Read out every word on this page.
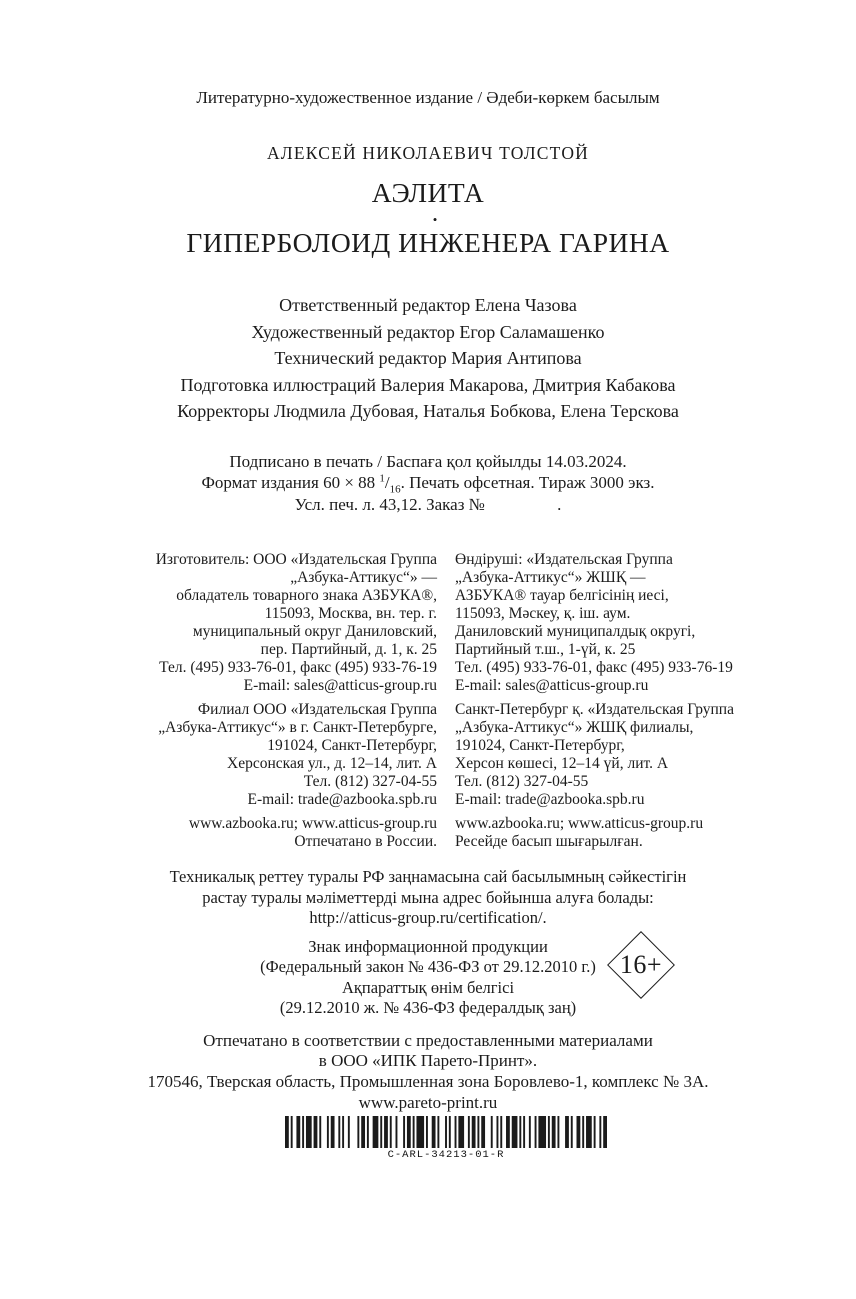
Литературно-художественное издание / Әдеби-көркем басылым

АЛЕКСЕЙ НИКОЛАЕВИЧ ТОЛСТОЙ

АЭЛИТА
•
ГИПЕРБОЛОИД ИНЖЕНЕРА ГАРИНА

Ответственный редактор Елена Чазова

Художественный редактор Егор Саламашенко

Технический редактор Мария Антипова

Подготовка иллюстраций Валерия Макарова, Дмитрия Кабакова

Корректоры Людмила Дубовая, Наталья Бобкова, Елена Терскова

Подписано в печать / Баспаға қол қойылды 14.03.2024.

Формат издания 60 × 88 $^1/_{16}$. Печать офсетная. Тираж 3000 экз.

Усл. печ. л. 43,12. Заказ №                 .

Изготовитель: ООО «Издательская Группа

„Азбука-Аттикус“» —

обладатель товарного знака АЗБУКА®,

115093, Москва, вн. тер. г.

муниципальный округ Даниловский,

пер. Партийный, д. 1, к. 25

Тел. (495) 933-76-01, факс (495) 933-76-19

E-mail: sales@atticus-group.ru

Филиал ООО «Издательская Группа

„Азбука-Аттикус“» в г. Санкт-Петербурге,

191024, Санкт-Петербург,

Херсонская ул., д. 12–14, лит. А

Тел. (812) 327-04-55

E-mail: trade@azbooka.spb.ru

www.azbooka.ru; www.atticus-group.ru

Отпечатано в России.

Өндіруші: «Издательская Группа

„Азбука-Аттикус“» ЖШҚ —

АЗБУКА® тауар белгісінің иесі,

115093, Мәскеу, қ. іш. аум.

Даниловский муниципалдық округі,

Партийный т.ш., 1-үй, к. 25

Тел. (495) 933-76-01, факс (495) 933-76-19

E-mail: sales@atticus-group.ru

Санкт-Петербург қ. «Издательская Группа

„Азбука-Аттикус“» ЖШҚ филиалы,

191024, Санкт-Петербург,

Херсон көшесі, 12–14 үй, лит. А

Тел. (812) 327-04-55

E-mail: trade@azbooka.spb.ru

www.azbooka.ru; www.atticus-group.ru

Ресейде басып шығарылған.

Техникалық реттеу туралы РФ заңнамасына сай басылымның сәйкестігін

растау туралы мәліметтерді мына адрес бойынша алуға болады:

http://atticus-group.ru/certification/.

Знак информационной продукции

(Федеральный закон № 436-ФЗ от 29.12.2010 г.)

Ақпараттық өнім белгісі

(29.12.2010 ж. № 436-ФЗ федералдық заң)

16+

Отпечатано в соответствии с предоставленными материалами

в ООО «ИПК Парето-Принт».

170546, Тверская область, Промышленная зона Боровлево-1, комплекс № 3А.

www.pareto-print.ru

C-ARL-34213-01-R
